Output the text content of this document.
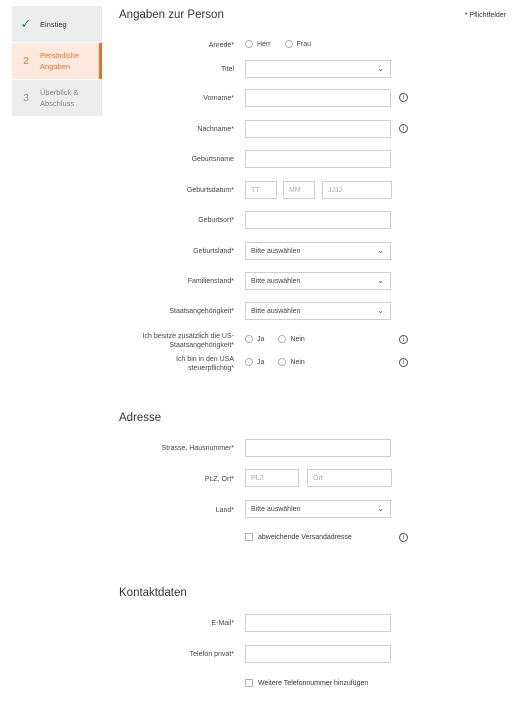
✓	Einstieg
2	Persönliche Angaben
3	Überblick & Abschluss
Angaben zur Person	* Pflichtfelder
Anrede*	Herr	Frau
Titel	⌄
Vorname*	i
Nachname*	i
Geburtsname
Geburtsdatum*	TT	MM	JJJJ
Geburtsort*
Geburtsland* Bitte auswählen	⌄
Familienstand* Bitte auswählen	⌄
Staatsangehörigkeit* Bitte auswählen	⌄
Ich besitze zusätzlich die US-Staatsangehörigkeit*
Ja	Nein	i
Ich bin in den USA steuerpflichtig*
Ja	Nein	i
Adresse
Strasse, Hausnummer*
PLZ, Ort*	PLZ	Ort
Land* Bitte auswählen	⌄
abweichende Versandadresse	i
Kontaktdaten
E-Mail*
Telefon privat*
Weitere Telefonnummer hinzufügen
